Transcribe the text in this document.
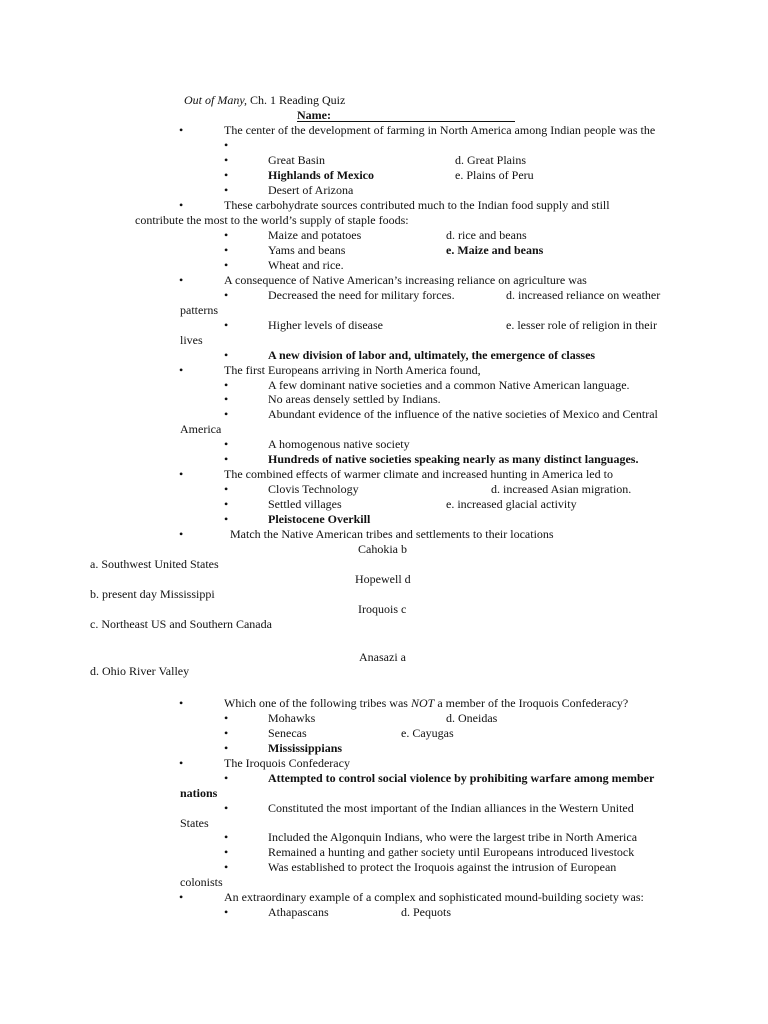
Out of Many, Ch. 1 Reading Quiz
Name:
•	The center of the development of farming in North America among Indian people was the
•
•	Great Basin	d. Great Plains
•	Highlands of Mexico	e. Plains of Peru
•	Desert of Arizona
•	These carbohydrate sources contributed much to the Indian food supply and still
contribute the most to the world’s supply of staple foods:
•	Maize and potatoes	d. rice and beans
•	Yams and beans	e. Maize and beans
•	Wheat and rice.
•	A consequence of Native American’s increasing reliance on agriculture was
•	Decreased the need for military forces.	d. increased reliance on weather
patterns
•	Higher levels of disease	e. lesser role of religion in their
lives
•	A new division of labor and, ultimately, the emergence of classes
•	The first Europeans arriving in North America found,
•	A few dominant native societies and a common Native American language.
•	No areas densely settled by Indians.
•	Abundant evidence of the influence of the native societies of Mexico and Central
America
•	A homogenous native society
•	Hundreds of native societies speaking nearly as many distinct languages.
•	The combined effects of warmer climate and increased hunting in America led to
•	Clovis Technology	d. increased Asian migration.
•	Settled villages	e. increased glacial activity
•	Pleistocene Overkill
•	Match the Native American tribes and settlements to their locations
Cahokia b
a. Southwest United States
Hopewell d
b. present day Mississippi
Iroquois c
c. Northeast US and Southern Canada
Anasazi a
d. Ohio River Valley
•	Which one of the following tribes was NOT a member of the Iroquois Confederacy?
•	Mohawks	d. Oneidas
•	Senecas	e. Cayugas
•	Mississippians
•	The Iroquois Confederacy
•	Attempted to control social violence by prohibiting warfare among member
nations
•	Constituted the most important of the Indian alliances in the Western United
States
•	Included the Algonquin Indians, who were the largest tribe in North America
•	Remained a hunting and gather society until Europeans introduced livestock
•	Was established to protect the Iroquois against the intrusion of European
colonists
•	An extraordinary example of a complex and sophisticated mound-building society was:
•	Athapascans	d. Pequots
